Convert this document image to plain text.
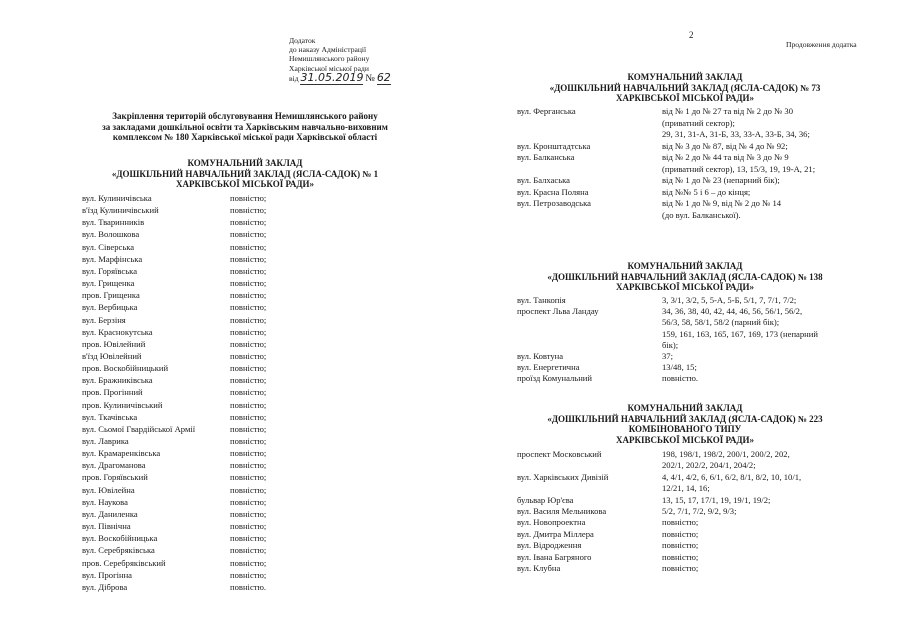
Додаток
до наказу Адміністрації
Немишлянського району
Харківської міської ради
від 31.05.2019 № 62
2
Продовження додатка
Закріплення територій обслуговування Немишлянського району
за закладами дошкільної освіти та Харківським навчально-виховним
комплексом № 180 Харківської міської ради Харківської області
КОМУНАЛЬНИЙ ЗАКЛАД
«ДОШКІЛЬНИЙ НАВЧАЛЬНИЙ ЗАКЛАД (ЯСЛА-САДОК) № 1
ХАРКІВСЬКОЇ МІСЬКОЇ РАДИ»
вул. Кулиничівська	повністю;
в'їзд Кулиничівський	повністю;
вул. Тваринників	повністю;
вул. Волошкова	повністю;
вул. Сіверська	повністю;
вул. Марфінська	повністю;
вул. Горяївська	повністю;
вул. Грищенка	повністю;
пров. Грищенка	повністю;
вул. Вербицька	повністю;
вул. Берзіня	повністю;
вул. Краснокутська	повністю;
пров. Ювілейний	повністю;
в'їзд Ювілейний	повністю;
пров. Воскобійницький	повністю;
вул. Бражниківська	повністю;
пров. Прогінний	повністю;
пров. Кулиничівський	повністю;
вул. Ткачівська	повністю;
вул. Сьомої Гвардійської Армії	повністю;
вул. Лаврика	повністю;
вул. Крамаренківська	повністю;
вул. Драгоманова	повністю;
пров. Горяївський	повністю;
вул. Ювілейна	повністю;
вул. Наукова	повністю;
вул. Даниленка	повністю;
вул. Північна	повністю;
вул. Воскобійницька	повністю;
вул. Серебряківська	повністю;
пров. Серебряківський	повністю;
вул. Прогінна	повністю;
вул. Діброва	повністю.
КОМУНАЛЬНИЙ ЗАКЛАД
«ДОШКІЛЬНИЙ НАВЧАЛЬНИЙ ЗАКЛАД (ЯСЛА-САДОК) № 73
ХАРКІВСЬКОЇ МІСЬКОЇ РАДИ»
вул. Ферганська	від № 1 до № 27 та від № 2 до № 30
(приватний сектор);
29, 31, 31-А, 31-Б, 33, 33-А, 33-Б, 34, 36;
вул. Кронштадтська	від № 3 до № 87, від № 4 до № 92;
вул. Балканська	від № 2 до № 44 та від № 3 до № 9
(приватний сектор), 13, 15/3, 19, 19-А, 21;
вул. Балхаська	від № 1 до № 23 (непарний бік);
вул. Красна Поляна	від №№ 5 і 6 – до кінця;
вул. Петрозаводська	від № 1 до № 9, від № 2 до № 14
(до вул. Балканської).
КОМУНАЛЬНИЙ ЗАКЛАД
«ДОШКІЛЬНИЙ НАВЧАЛЬНИЙ ЗАКЛАД (ЯСЛА-САДОК) № 138
ХАРКІВСЬКОЇ МІСЬКОЇ РАДИ»
вул. Танкопія	3, 3/1, 3/2, 5, 5-А, 5-Б, 5/1, 7, 7/1, 7/2;
проспект Льва Ландау	34, 36, 38, 40, 42, 44, 46, 56, 56/1, 56/2,
56/3, 58, 58/1, 58/2 (парний бік);
159, 161, 163, 165, 167, 169, 173 (непарний
бік);
вул. Ковтуна	37;
вул. Енергетична	13/48, 15;
проїзд Комунальний	повністю.
КОМУНАЛЬНИЙ ЗАКЛАД
«ДОШКІЛЬНИЙ НАВЧАЛЬНИЙ ЗАКЛАД (ЯСЛА-САДОК) № 223
КОМБІНОВАНОГО ТИПУ
ХАРКІВСЬКОЇ МІСЬКОЇ РАДИ»
проспект Московський	198, 198/1, 198/2, 200/1, 200/2, 202,
202/1, 202/2, 204/1, 204/2;
вул. Харківських Дивізій	4, 4/1, 4/2, 6, 6/1, 6/2, 8/1, 8/2, 10, 10/1,
12/21, 14, 16;
бульвар Юр'єва	13, 15, 17, 17/1, 19, 19/1, 19/2;
вул. Василя Мельникова	5/2, 7/1, 7/2, 9/2, 9/3;
вул. Новопроектна	повністю;
вул. Дмитра Міллера	повністю;
вул. Відродження	повністю;
вул. Івана Багряного	повністю;
вул. Клубна	повністю;
